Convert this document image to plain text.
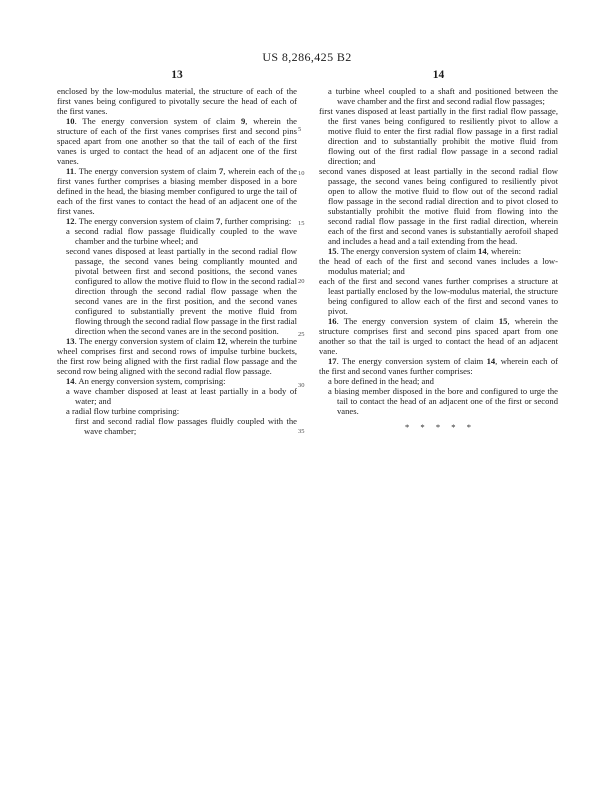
US 8,286,425 B2
13

enclosed by the low-modulus material, the structure of each of the first vanes being configured to pivotally secure the head of each of the first vanes.

10. The energy conversion system of claim 9, wherein the structure of each of the first vanes comprises first and second pins spaced apart from one another so that the tail of each of the first vanes is urged to contact the head of an adjacent one of the first vanes.

11. The energy conversion system of claim 7, wherein each of the first vanes further comprises a biasing member disposed in a bore defined in the head, the biasing member configured to urge the tail of each of the first vanes to contact the head of an adjacent one of the first vanes.

12. The energy conversion system of claim 7, further comprising:

a second radial flow passage fluidically coupled to the wave chamber and the turbine wheel; and

second vanes disposed at least partially in the second radial flow passage, the second vanes being compliantly mounted and pivotal between first and second positions, the second vanes configured to allow the motive fluid to flow in the second radial direction through the second radial flow passage when the second vanes are in the first position, and the second vanes configured to substantially prevent the motive fluid from flowing through the second radial flow passage in the first radial direction when the second vanes are in the second position.

13. The energy conversion system of claim 12, wherein the turbine wheel comprises first and second rows of impulse turbine buckets, the first row being aligned with the first radial flow passage and the second row being aligned with the second radial flow passage.

14. An energy conversion system, comprising:

a wave chamber disposed at least at least partially in a body of water; and

a radial flow turbine comprising:

first and second radial flow passages fluidly coupled with the wave chamber;

5
10
15
20
25
30
35
14

a turbine wheel coupled to a shaft and positioned between the wave chamber and the first and second radial flow passages;

first vanes disposed at least partially in the first radial flow passage, the first vanes being configured to resiliently pivot to allow a motive fluid to enter the first radial flow passage in a first radial direction and to substantially prohibit the motive fluid from flowing out of the first radial flow passage in a second radial direction; and

second vanes disposed at least partially in the second radial flow passage, the second vanes being configured to resiliently pivot open to allow the motive fluid to flow out of the second radial flow passage in the second radial direction and to pivot closed to substantially prohibit the motive fluid from flowing into the second radial flow passage in the first radial direction, wherein each of the first and second vanes is substantially aerofoil shaped and includes a head and a tail extending from the head.

15. The energy conversion system of claim 14, wherein:

the head of each of the first and second vanes includes a low-modulus material; and

each of the first and second vanes further comprises a structure at least partially enclosed by the low-modulus material, the structure being configured to allow each of the first and second vanes to pivot.

16. The energy conversion system of claim 15, wherein the structure comprises first and second pins spaced apart from one another so that the tail is urged to contact the head of an adjacent vane.

17. The energy conversion system of claim 14, wherein each of the first and second vanes further comprises:

a bore defined in the head; and

a biasing member disposed in the bore and configured to urge the tail to contact the head of an adjacent one of the first or second vanes.

* * * * *
